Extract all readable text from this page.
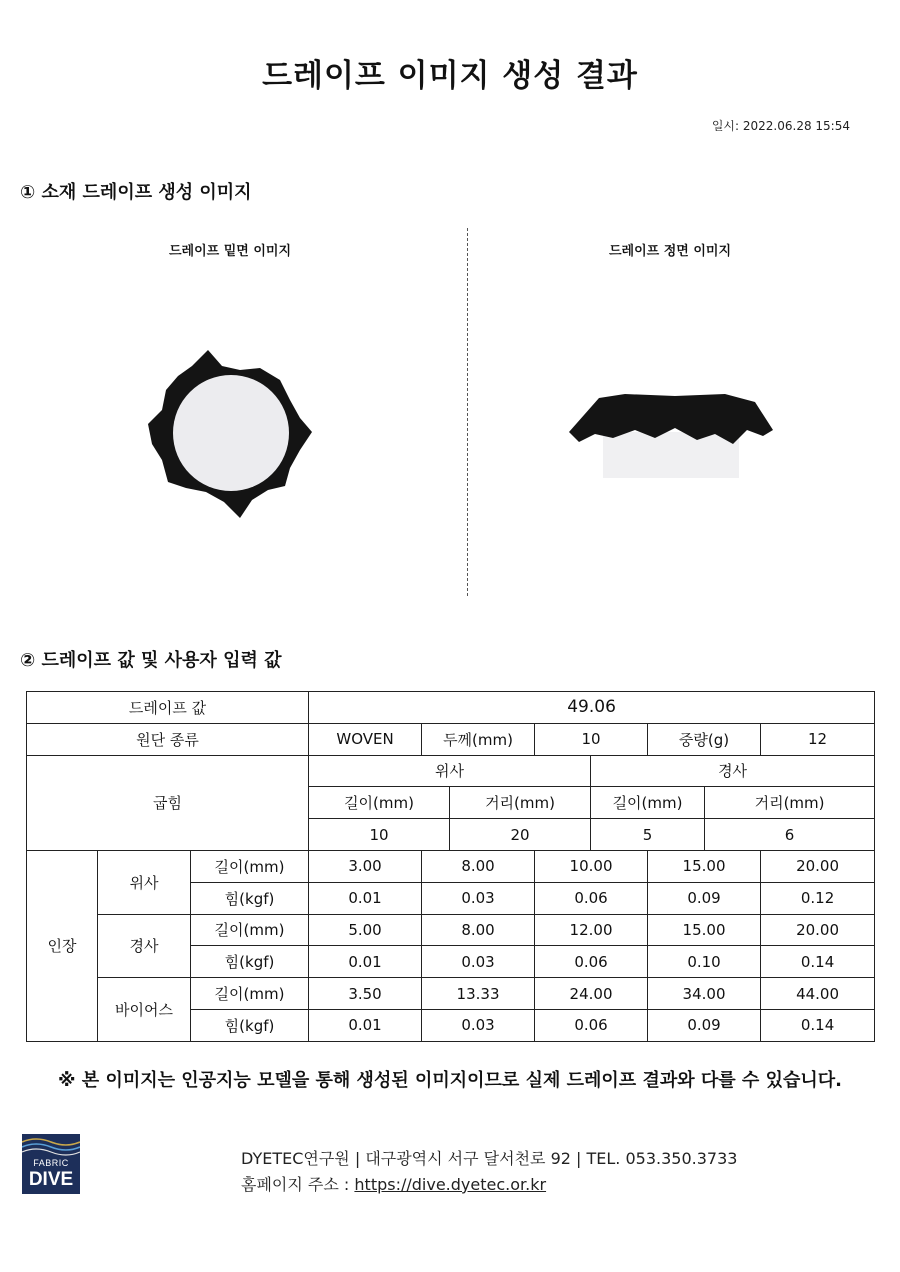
드레이프 이미지 생성 결과
일시: 2022.06.28 15:54
① 소재 드레이프 생성 이미지
드레이프 밑면 이미지	드레이프 정면 이미지
② 드레이프 값 및 사용자 입력 값
드레이프 값			49.06							
원단 종류			WOVEN	두께(mm)		10		중량(g)		12
굽힘			위사				경사			
			길이(mm)		거리(mm)		길이(mm)		거리(mm)	
			10		20		5		6	
인장	위사	길이(mm)	3.00	8.00		10.00		15.00		20.00
		힘(kgf)	0.01	0.03		0.06		0.09		0.12
	경사	길이(mm)	5.00	8.00		12.00		15.00		20.00
		힘(kgf)	0.01	0.03		0.06		0.10		0.14
	바이어스	길이(mm)	3.50	13.33		24.00		34.00		44.00
		힘(kgf)	0.01	0.03		0.06		0.09		0.14
※ 본 이미지는 인공지능 모델을 통해 생성된 이미지이므로 실제 드레이프 결과와 다를 수 있습니다.
FABRIC
DIVE
DYETEC연구원 | 대구광역시 서구 달서천로 92 | TEL. 053.350.3733
홈페이지 주소 : https://dive.dyetec.or.kr
